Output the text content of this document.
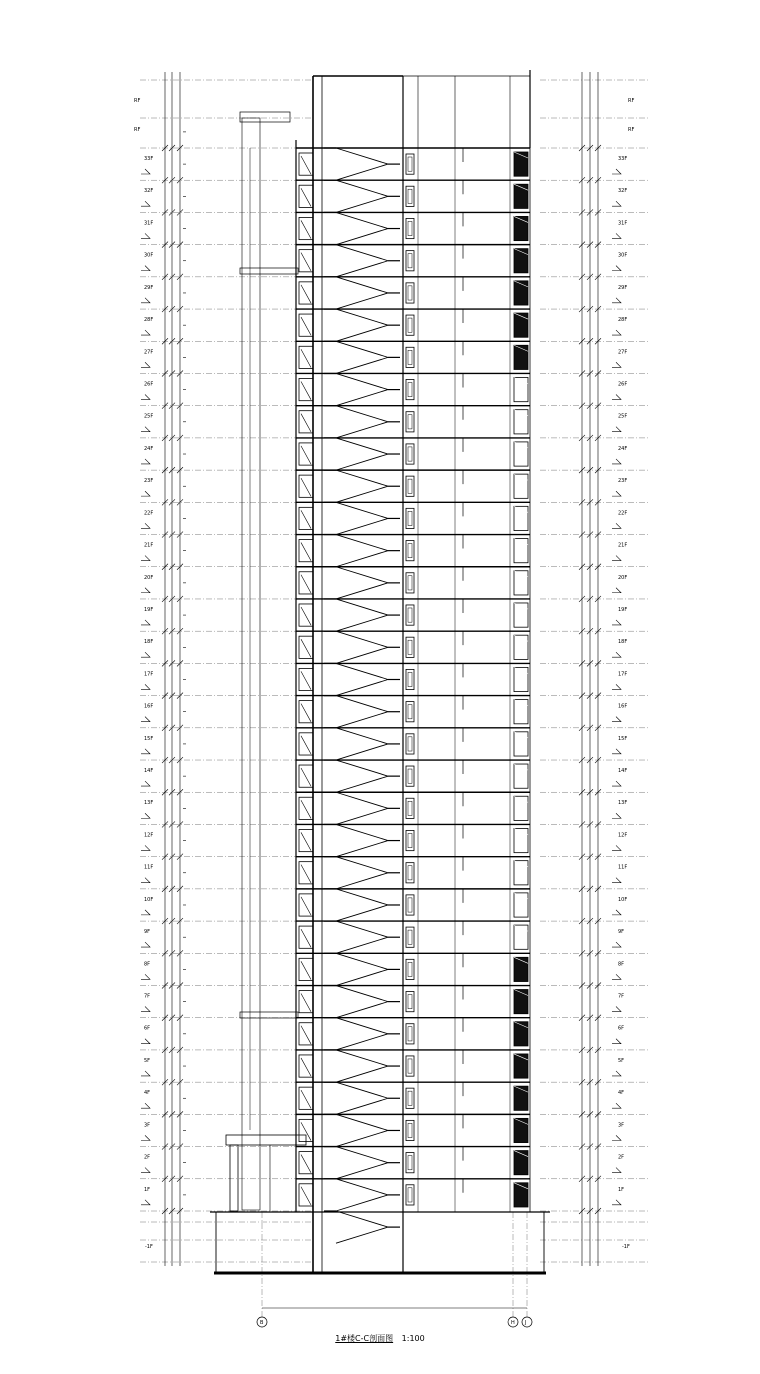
B	H J
1F	1F
2F	2F
3F	3F
4F	4F
5F	5F
6F	6F
7F	7F
8F	8F
9F	9F
10F	10F
11F	11F
12F	12F
13F	13F
14F	14F
15F	15F
16F	16F
17F	17F
18F	18F
19F	19F
20F	20F
21F	21F
22F	22F
23F	23F
24F	24F
25F	25F
26F	26F
27F	27F
28F	28F
29F	29F
30F	30F
31F	31F
32F	32F
33F	33F
RF
RF
RF
RF
-1F	-1F
1#楼C-C剖面图 1:100
